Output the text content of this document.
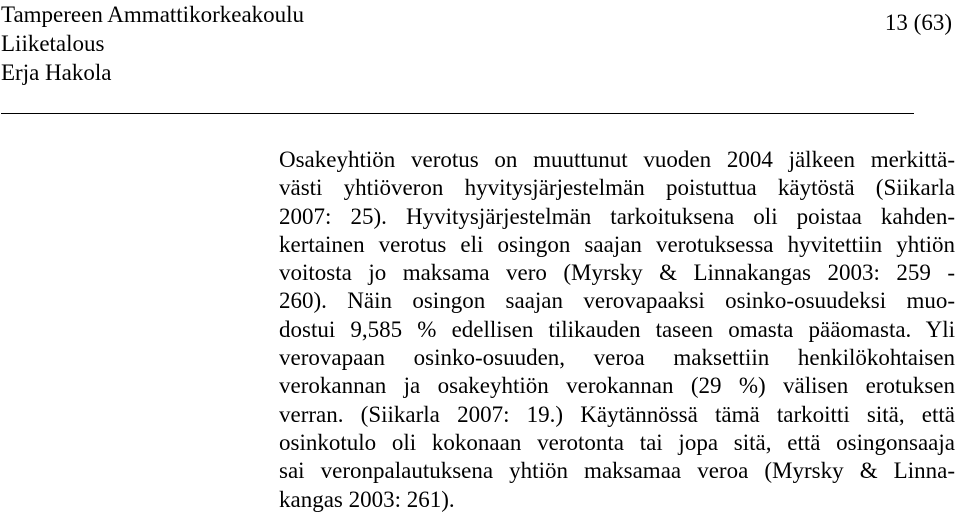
Tampereen Ammattikorkeakoulu
Liiketalous
Erja Hakola
13 (63)
Osakeyhtiön verotus on muuttunut vuoden 2004 jälkeen merkittä-
västi yhtiöveron hyvitysjärjestelmän poistuttua käytöstä (Siikarla
2007: 25). Hyvitysjärjestelmän tarkoituksena oli poistaa kahden-
kertainen verotus eli osingon saajan verotuksessa hyvitettiin yhtiön
voitosta jo maksama vero (Myrsky & Linnakangas 2003: 259 -
260). Näin osingon saajan verovapaaksi osinko-osuudeksi muo-
dostui 9,585 % edellisen tilikauden taseen omasta pääomasta. Yli
verovapaan osinko-osuuden, veroa maksettiin henkilökohtaisen
verokannan ja osakeyhtiön verokannan (29 %) välisen erotuksen
verran. (Siikarla 2007: 19.) Käytännössä tämä tarkoitti sitä, että
osinkotulo oli kokonaan verotonta tai jopa sitä, että osingonsaaja
sai veronpalautuksena yhtiön maksamaa veroa (Myrsky & Linna-
kangas 2003: 261).
